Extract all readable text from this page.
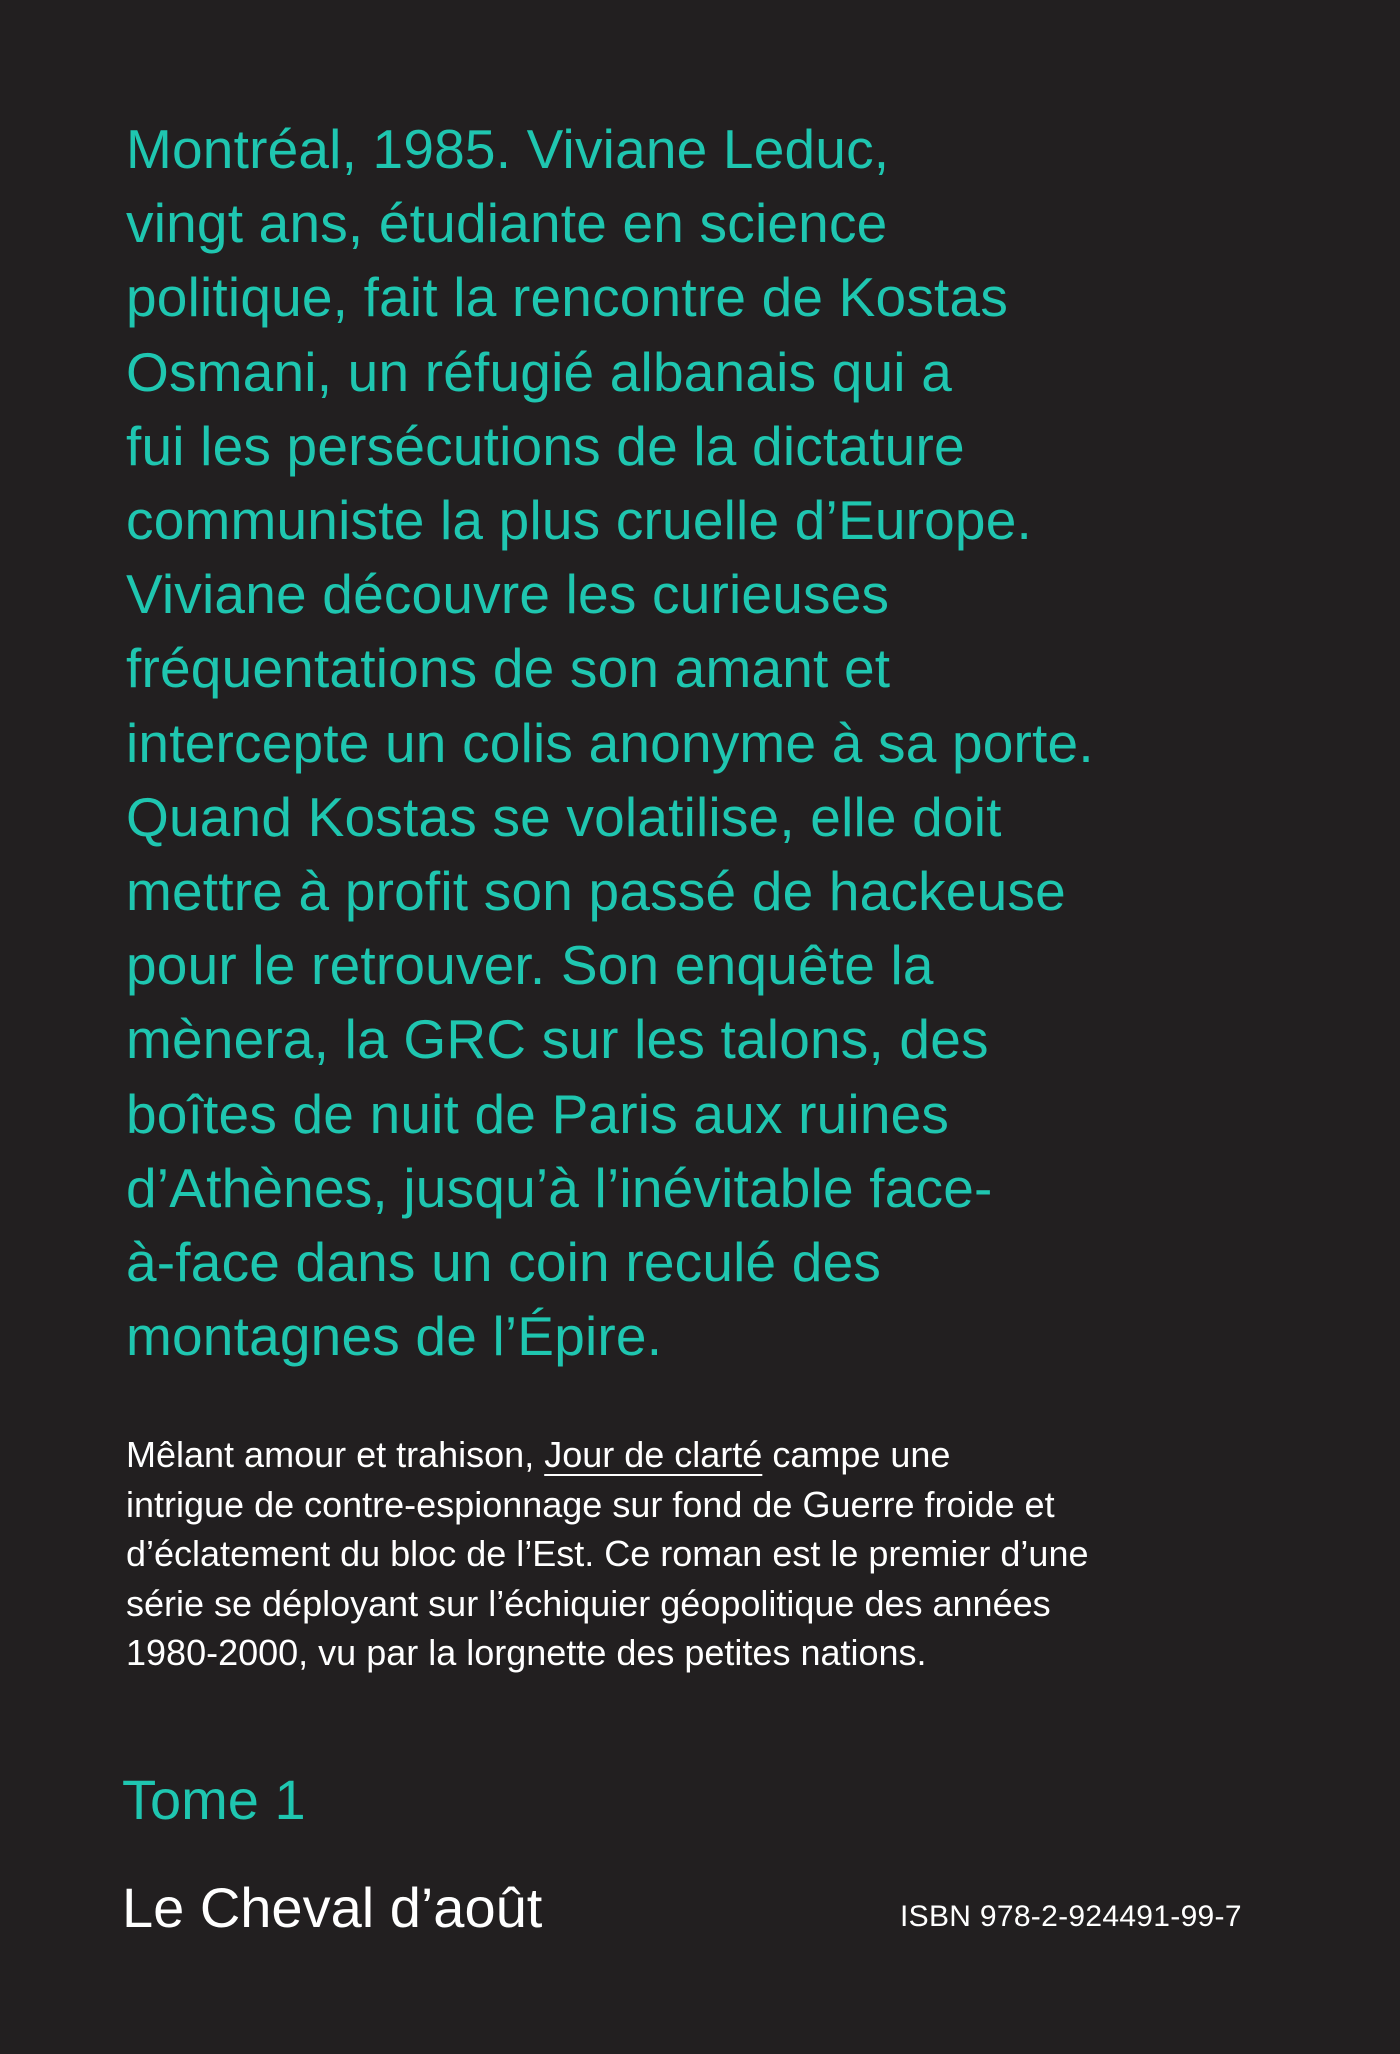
Montréal, 1985. Viviane Leduc,
vingt ans, étudiante en science
politique, fait la rencontre de Kostas
Osmani, un réfugié albanais qui a
fui les persécutions de la dictature
communiste la plus cruelle d’Europe.
Viviane découvre les curieuses
fréquentations de son amant et
intercepte un colis anonyme à sa porte.
Quand Kostas se volatilise, elle doit
mettre à profit son passé de hackeuse
pour le retrouver. Son enquête la
mènera, la GRC sur les talons, des
boîtes de nuit de Paris aux ruines
d’Athènes, jusqu’à l’inévitable face-
à-face dans un coin reculé des
montagnes de l’Épire.
Mêlant amour et trahison, Jour de clarté campe une
intrigue de contre-espionnage sur fond de Guerre froide et
d’éclatement du bloc de l’Est. Ce roman est le premier d’une
série se déployant sur l’échiquier géopolitique des années
1980-2000, vu par la lorgnette des petites nations.
Tome 1
Le Cheval d’août	ISBN 978-2-924491-99-7
